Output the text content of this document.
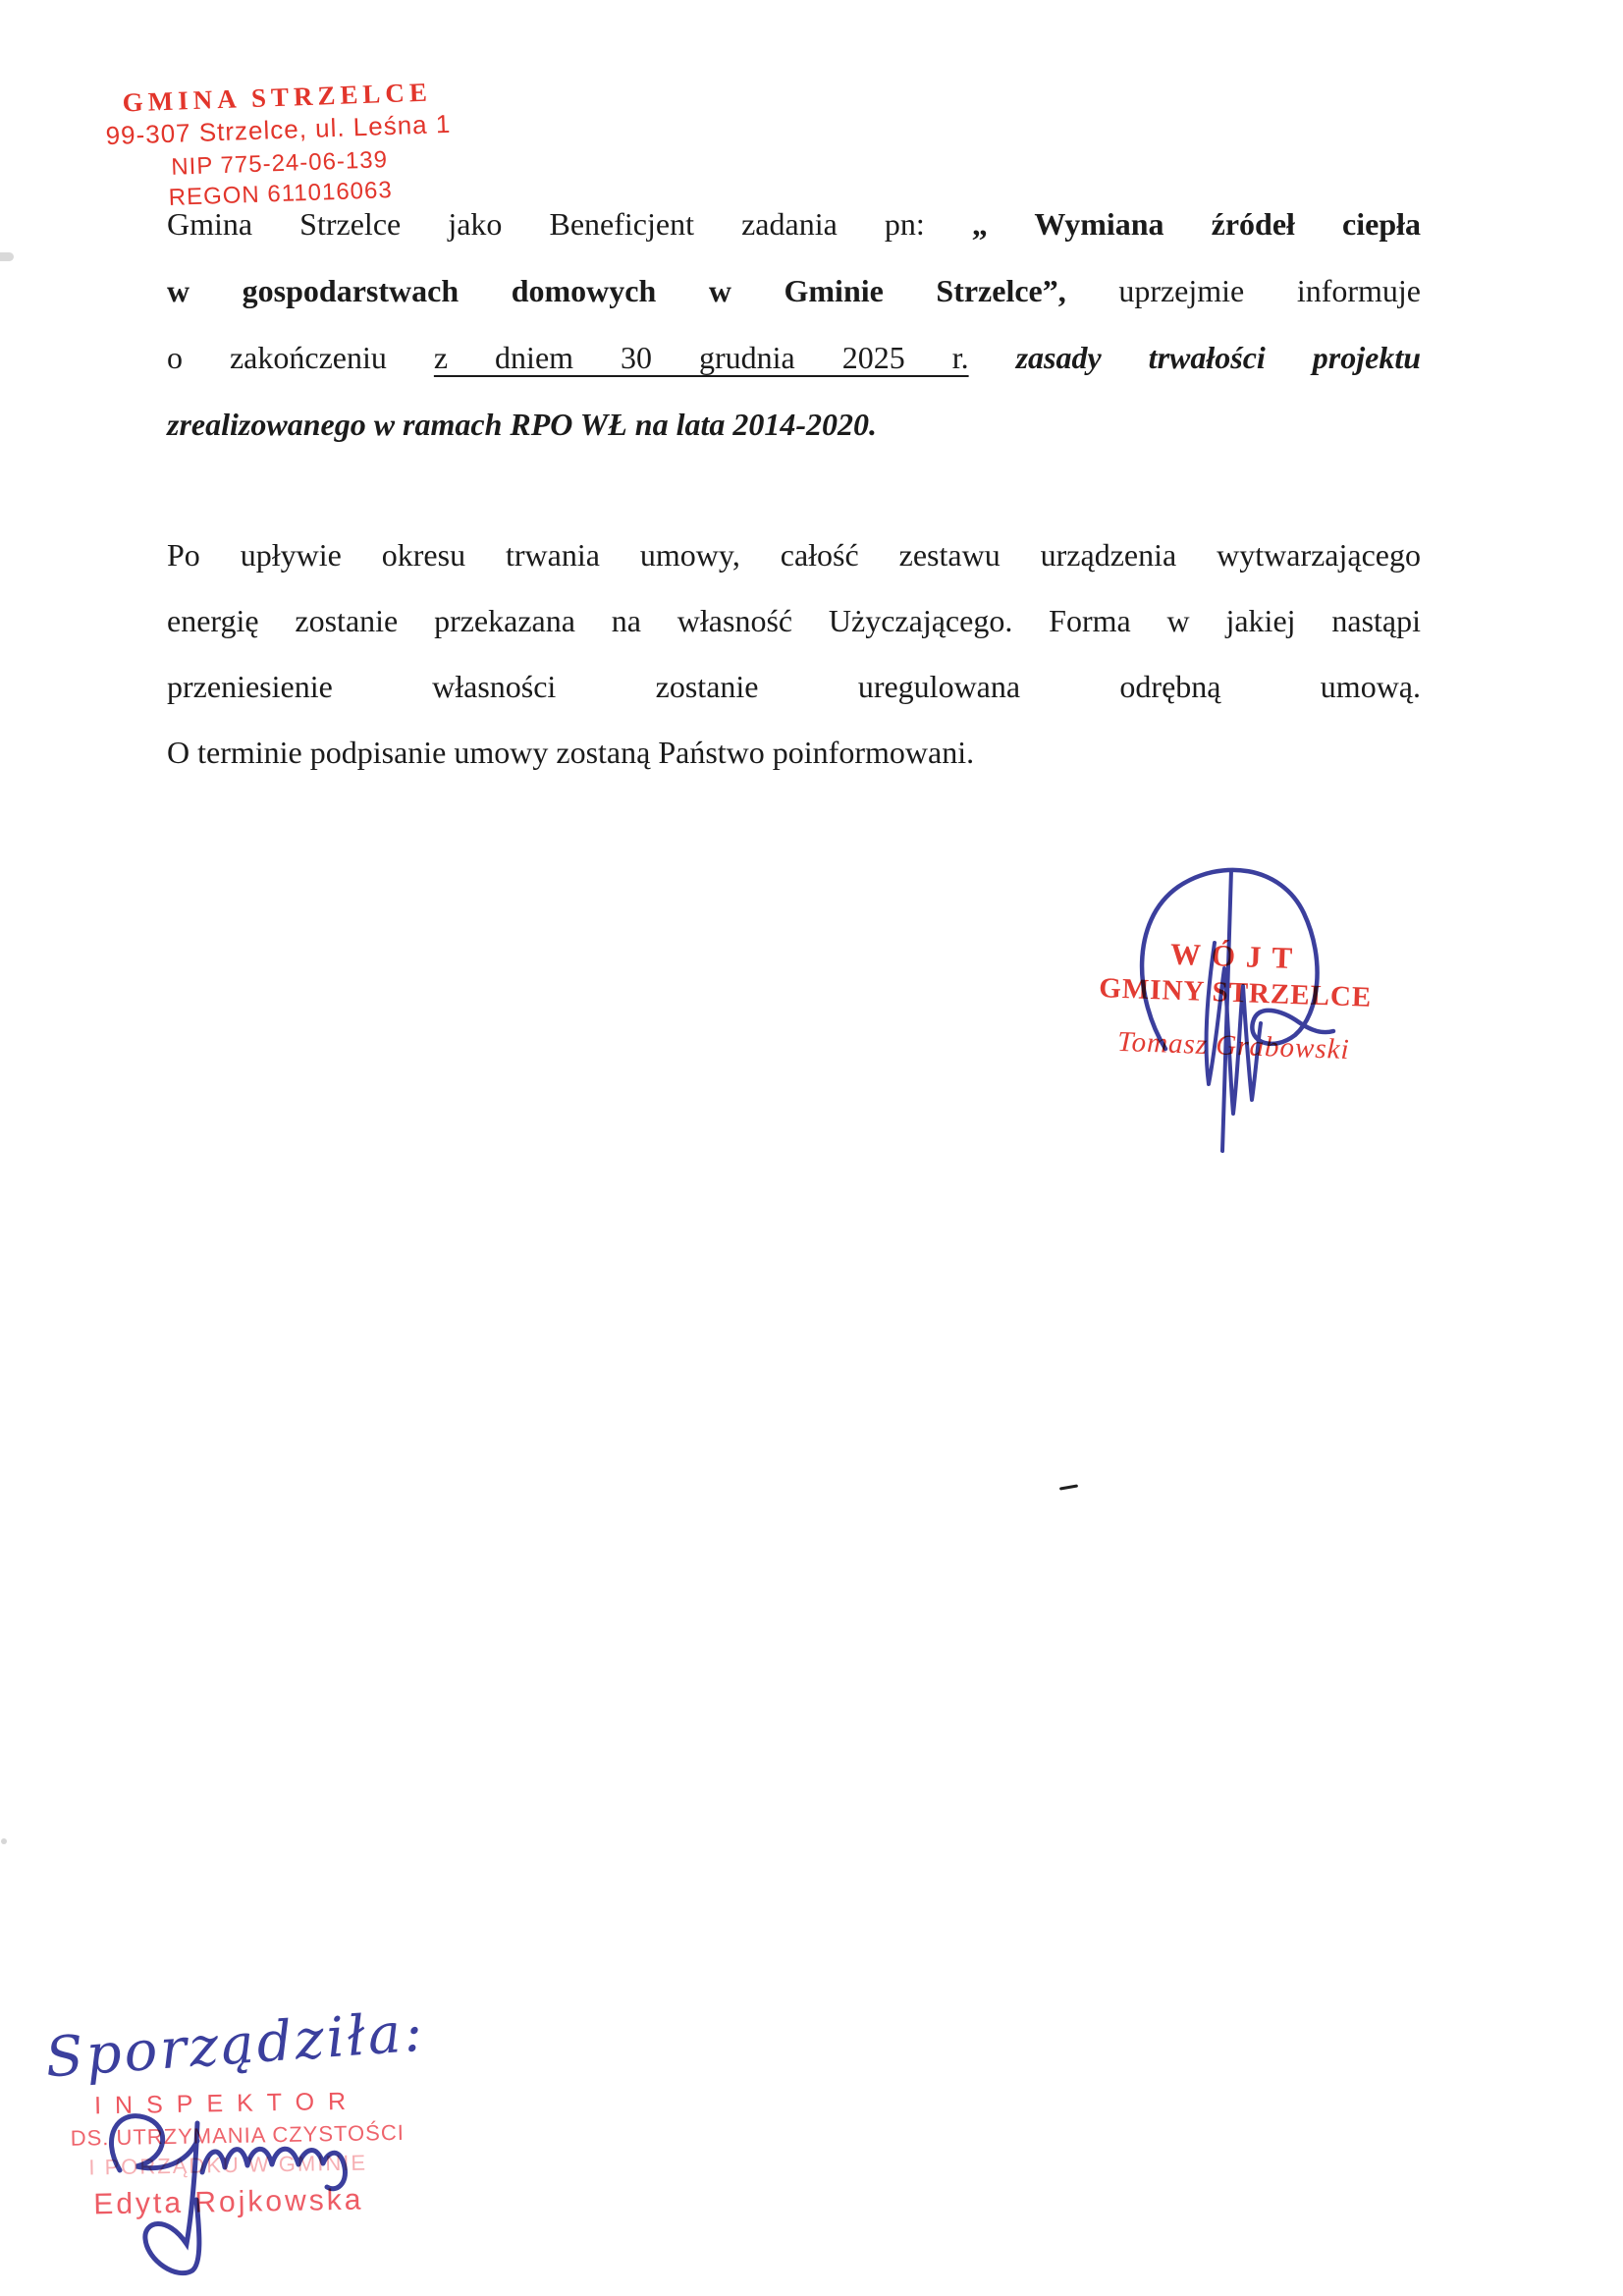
GMINA STRZELCE
99-307 Strzelce, ul. Leśna 1
NIP 775-24-06-139
REGON 611016063
Gmina Strzelce jako Beneficjent zadania pn: „ Wymiana źródeł ciepła
w gospodarstwach domowych w Gminie Strzelce”, uprzejmie informuje
o zakończeniu z dniem 30 grudnia 2025 r. zasady trwałości projektu
zrealizowanego w ramach RPO WŁ na lata 2014-2020.
Po upływie okresu trwania umowy, całość zestawu urządzenia wytwarzającego
energię zostanie przekazana na własność Użyczającego. Forma w jakiej nastąpi
przeniesienie własności zostanie uregulowana odrębną umową.
O terminie podpisanie umowy zostaną Państwo poinformowani.
WÓJT
GMINY STRZELCE
Tomasz Grabowski
Sporządziła:
INSPEKTOR
DS. UTRZYMANIA CZYSTOŚCI
I PORZĄDKU W GMINIE
Edyta Rojkowska
